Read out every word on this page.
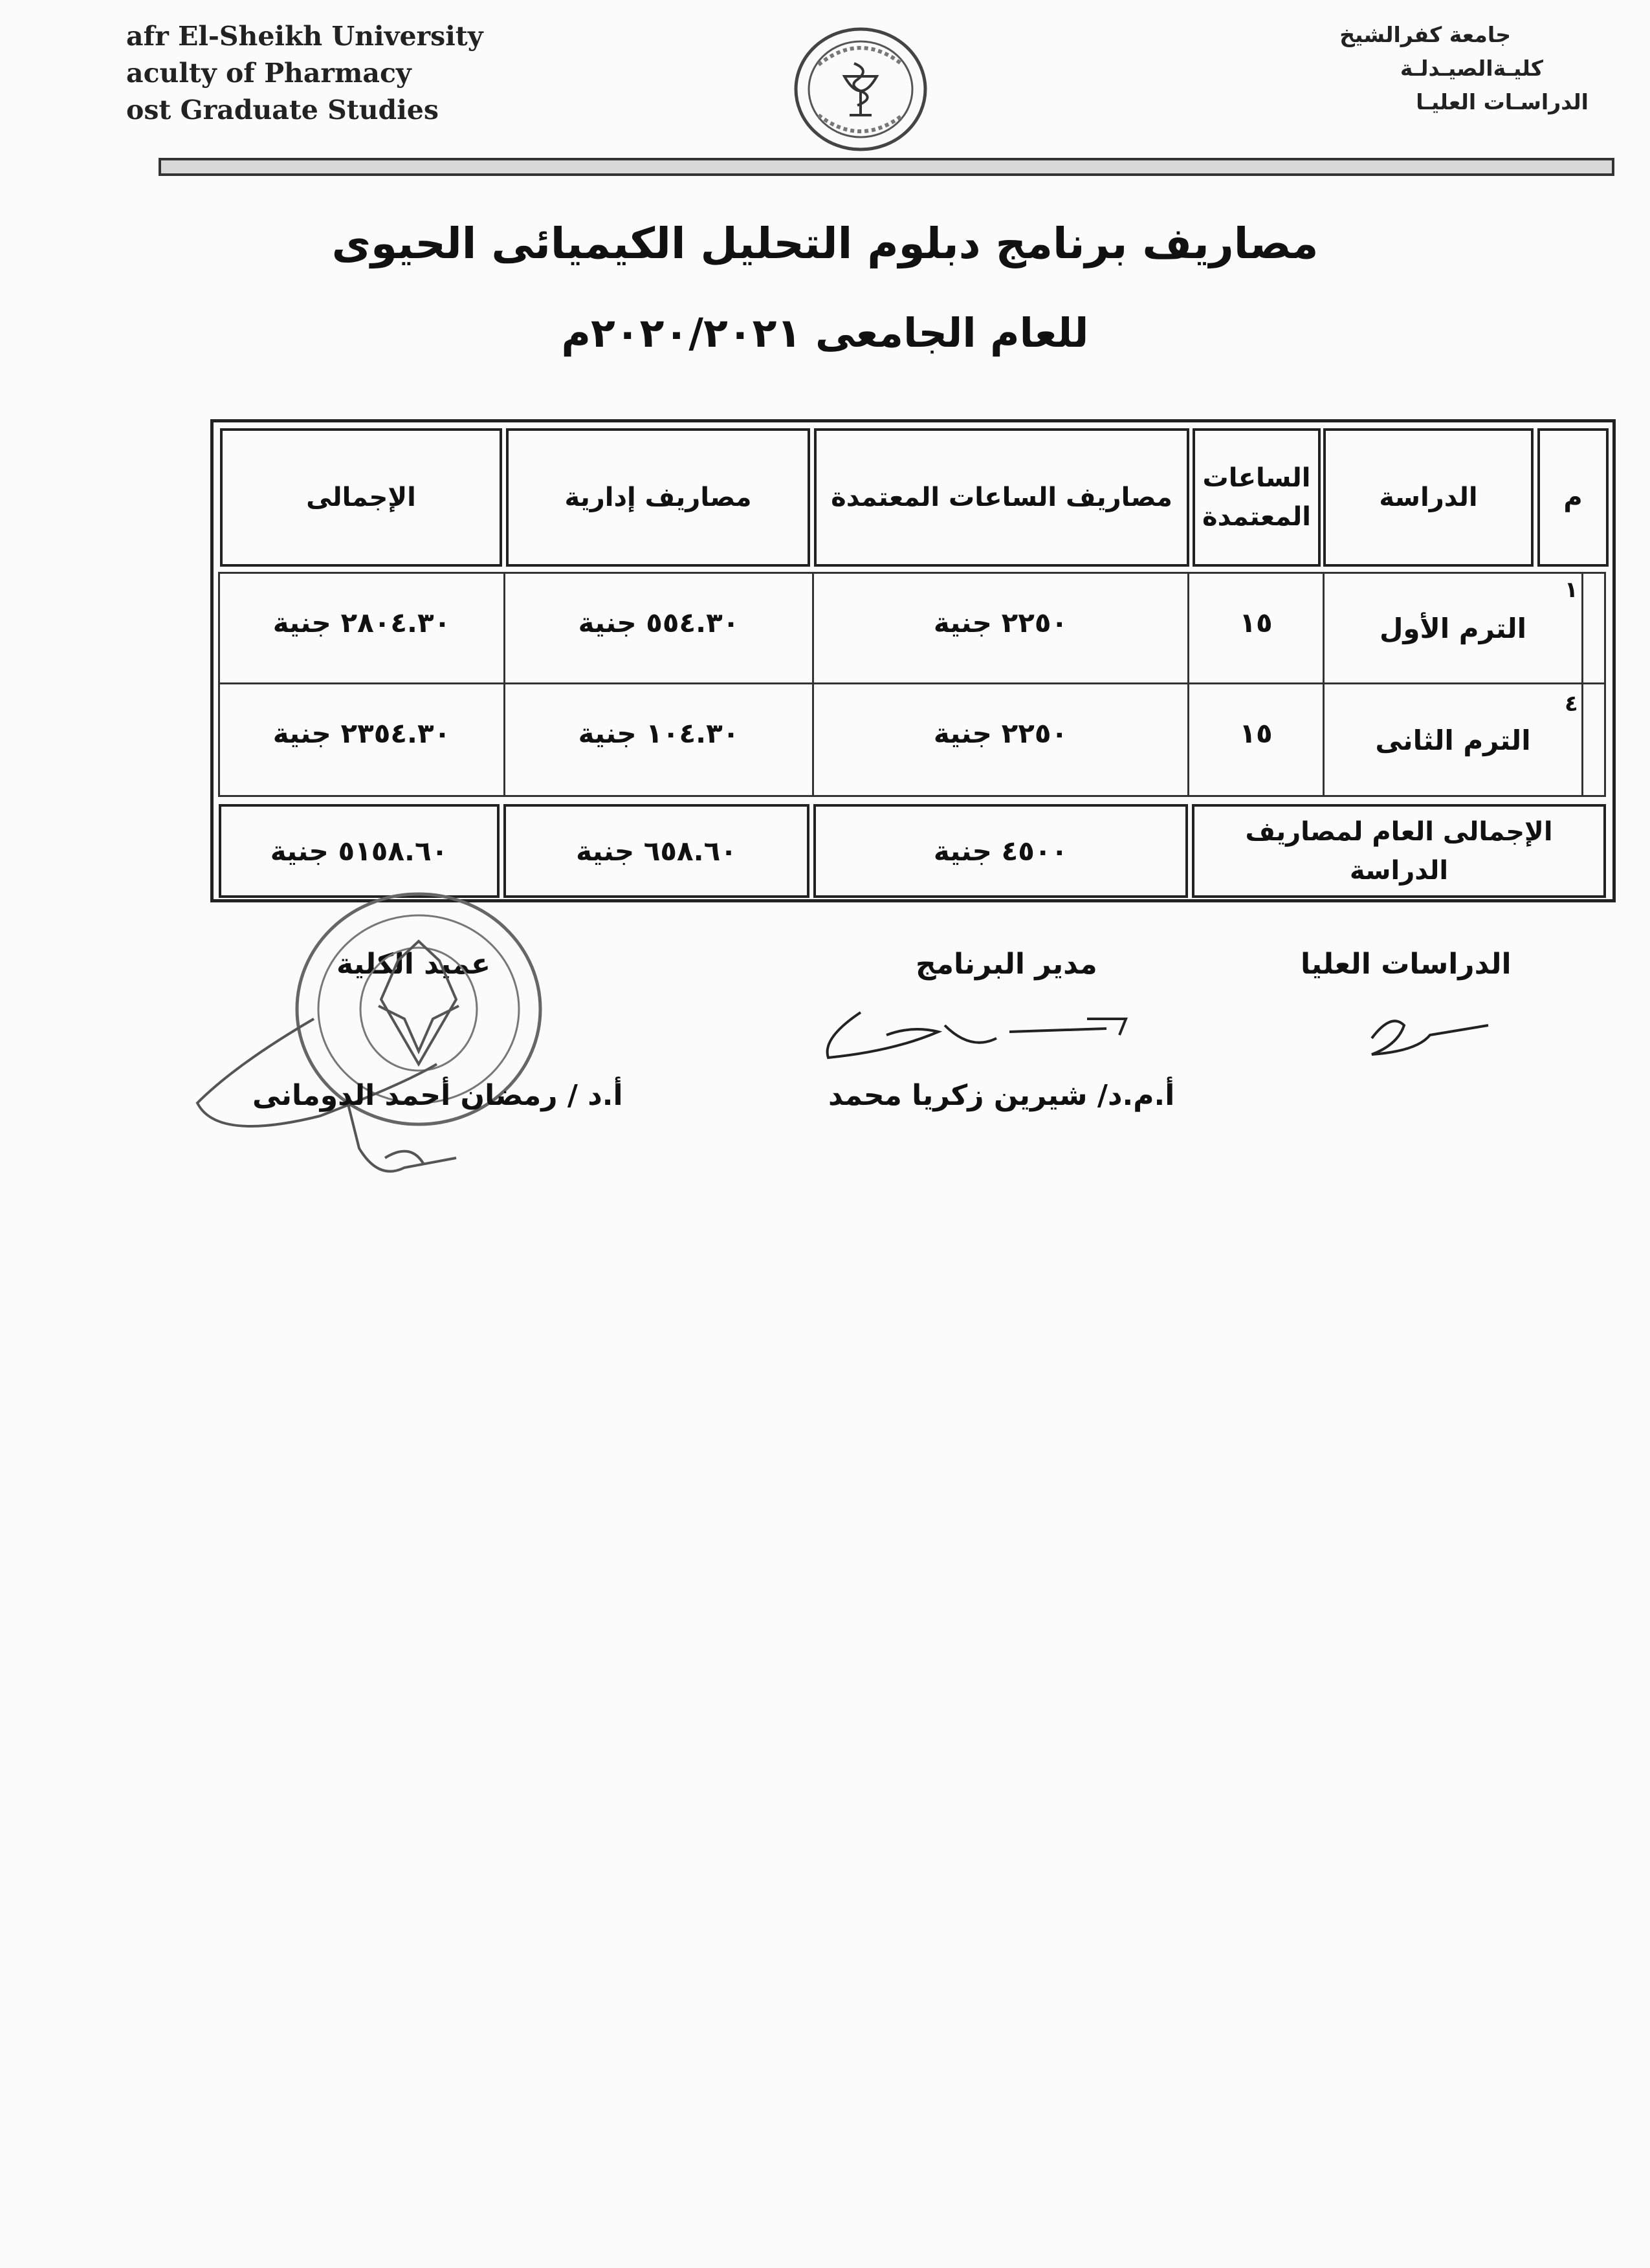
afr El-Sheikh University
aculty of Pharmacy
ost Graduate Studies
جامعة كفرالشيخ
كليـةالصيـدلـة
الدراسـات العليـا
مصاريف برنامج دبلوم التحليل الكيميائى الحيوى
للعام الجامعى ٢٠٢٠/٢٠٢١م
م
الدراسة
الساعات
المعتمدة
مصاريف الساعات المعتمدة
مصاريف إدارية
الإجمالى
١
الترم الأول
١٥
٢٢٥٠ جنية
٥٥٤.٣٠ جنية
٢٨٠٤.٣٠ جنية
٤
الترم الثانى
١٥
٢٢٥٠ جنية
١٠٤.٣٠ جنية
٢٣٥٤.٣٠ جنية
الإجمالى العام لمصاريف
الدراسة
٤٥٠٠ جنية
٦٥٨.٦٠ جنية
٥١٥٨.٦٠ جنية
الدراسات العليا
مدير البرنامج
عميد الكلية
أ.م.د/ شيرين زكريا محمد
أ.د / رمضان أحمد الدومانى
